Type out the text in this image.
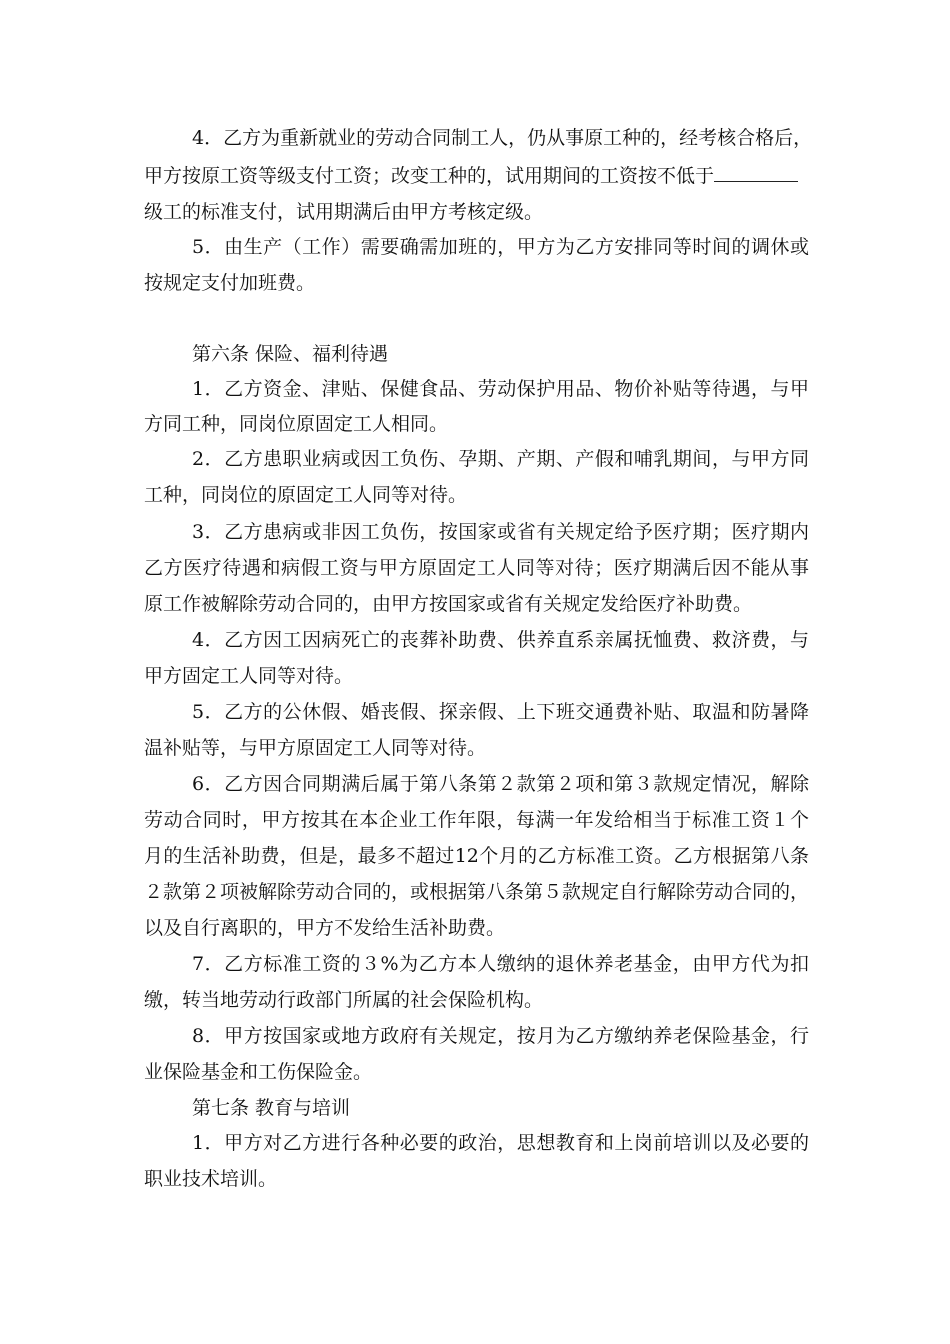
4．乙方为重新就业的劳动合同制工人，仍从事原工种的，经考核合格后，
甲方按原工资等级支付工资；改变工种的，试用期间的工资按不低于
级工的标准支付，试用期满后由甲方考核定级。
5．由生产（工作）需要确需加班的，甲方为乙方安排同等时间的调休或
按规定支付加班费。
第六条 保险、福利待遇
1．乙方资金、津贴、保健食品、劳动保护用品、物价补贴等待遇，与甲
方同工种，同岗位原固定工人相同。
2．乙方患职业病或因工负伤、孕期、产期、产假和哺乳期间，与甲方同
工种，同岗位的原固定工人同等对待。
3．乙方患病或非因工负伤，按国家或省有关规定给予医疗期；医疗期内
乙方医疗待遇和病假工资与甲方原固定工人同等对待；医疗期满后因不能从事
原工作被解除劳动合同的，由甲方按国家或省有关规定发给医疗补助费。
4．乙方因工因病死亡的丧葬补助费、供养直系亲属抚恤费、救济费，与
甲方固定工人同等对待。
5．乙方的公休假、婚丧假、探亲假、上下班交通费补贴、取温和防暑降
温补贴等，与甲方原固定工人同等对待。
6．乙方因合同期满后属于第八条第２款第２项和第３款规定情况，解除
劳动合同时，甲方按其在本企业工作年限，每满一年发给相当于标准工资１个
月的生活补助费，但是，最多不超过12个月的乙方标准工资。乙方根据第八条
２款第２项被解除劳动合同的，或根据第八条第５款规定自行解除劳动合同的，
以及自行离职的，甲方不发给生活补助费。
7．乙方标准工资的３%为乙方本人缴纳的退休养老基金，由甲方代为扣
缴，转当地劳动行政部门所属的社会保险机构。
8．甲方按国家或地方政府有关规定，按月为乙方缴纳养老保险基金，行
业保险基金和工伤保险金。
第七条 教育与培训
1．甲方对乙方进行各种必要的政治，思想教育和上岗前培训以及必要的
职业技术培训。
